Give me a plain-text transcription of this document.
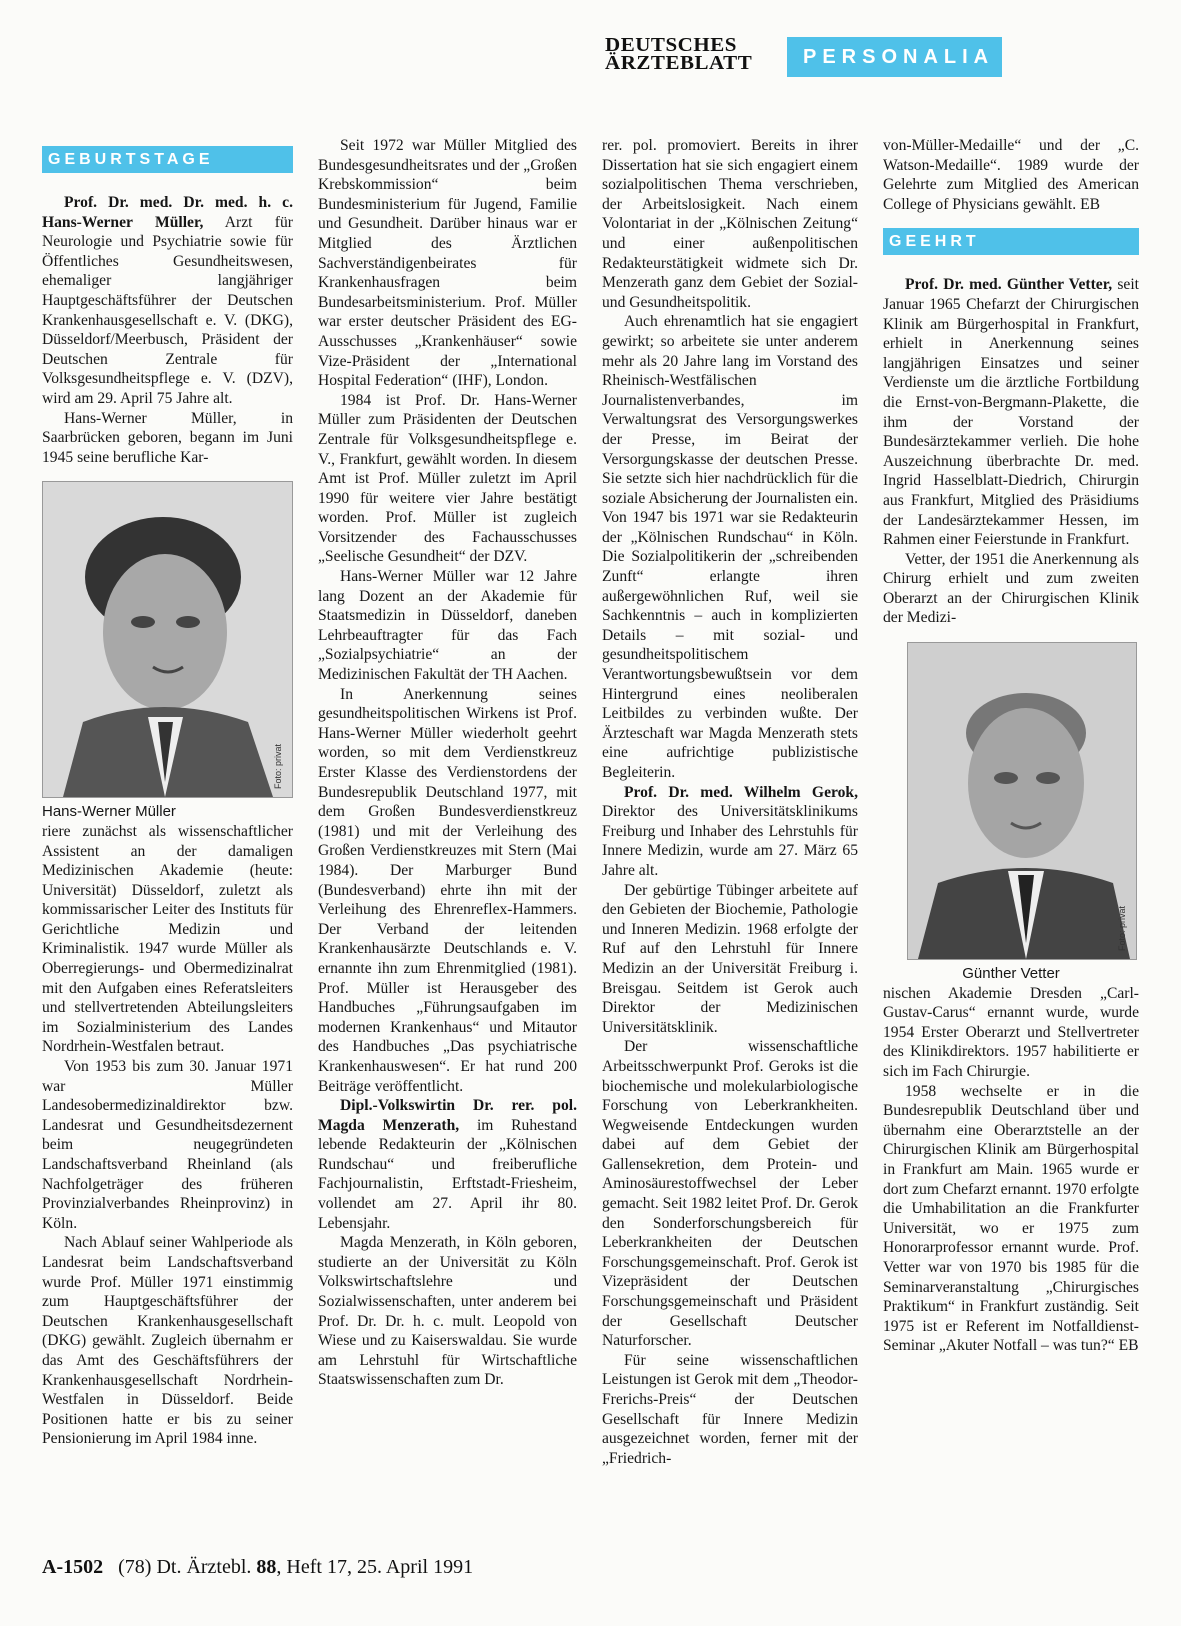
DEUTSCHES
ÄRZTEBLATT	PERSONALIA
GEBURTSTAGE

Prof. Dr. med. Dr. med. h. c. Hans-Werner Müller, Arzt für Neurologie und Psychiatrie sowie für Öffentliches Gesundheitswesen, ehemaliger langjähriger Hauptgeschäftsführer der Deutschen Krankenhausgesellschaft e. V. (DKG), Düsseldorf/Meerbusch, Präsident der Deutschen Zentrale für Volksgesundheitspflege e. V. (DZV), wird am 29. April 75 Jahre alt.

Hans-Werner Müller, in Saarbrücken geboren, begann im Juni 1945 seine berufliche Kar-

Foto: privat

Hans-Werner Müller

riere zunächst als wissenschaftlicher Assistent an der damaligen Medizinischen Akademie (heute: Universität) Düsseldorf, zuletzt als kommissarischer Leiter des Instituts für Gerichtliche Medizin und Kriminalistik. 1947 wurde Müller als Oberregierungs- und Obermedizinalrat mit den Aufgaben eines Referatsleiters und stellvertretenden Abteilungsleiters im Sozialministerium des Landes Nordrhein-Westfalen betraut.

Von 1953 bis zum 30. Januar 1971 war Müller Landesobermedizinaldirektor bzw. Landesrat und Gesundheitsdezernent beim neugegründeten Landschaftsverband Rheinland (als Nachfolgeträger des früheren Provinzialverbandes Rheinprovinz) in Köln.

Nach Ablauf seiner Wahlperiode als Landesrat beim Landschaftsverband wurde Prof. Müller 1971 einstimmig zum Hauptgeschäftsführer der Deutschen Krankenhausgesellschaft (DKG) gewählt. Zugleich übernahm er das Amt des Geschäftsführers der Krankenhausgesellschaft Nordrhein-Westfalen in Düsseldorf. Beide Positionen hatte er bis zu seiner Pensionierung im April 1984 inne.

Seit 1972 war Müller Mitglied des Bundesgesundheitsrates und der „Großen Krebskommission“ beim Bundesministerium für Jugend, Familie und Gesundheit. Darüber hinaus war er Mitglied des Ärztlichen Sachverständigenbeirates für Krankenhausfragen beim Bundesarbeitsministerium. Prof. Müller war erster deutscher Präsident des EG-Ausschusses „Krankenhäuser“ sowie Vize-Präsident der „International Hospital Federation“ (IHF), London.

1984 ist Prof. Dr. Hans-Werner Müller zum Präsidenten der Deutschen Zentrale für Volksgesundheitspflege e. V., Frankfurt, gewählt worden. In diesem Amt ist Prof. Müller zuletzt im April 1990 für weitere vier Jahre bestätigt worden. Prof. Müller ist zugleich Vorsitzender des Fachausschusses „Seelische Gesundheit“ der DZV.

Hans-Werner Müller war 12 Jahre lang Dozent an der Akademie für Staatsmedizin in Düsseldorf, daneben Lehrbeauftragter für das Fach „Sozialpsychiatrie“ an der Medizinischen Fakultät der TH Aachen.

In Anerkennung seines gesundheitspolitischen Wirkens ist Prof. Hans-Werner Müller wiederholt geehrt worden, so mit dem Verdienstkreuz Erster Klasse des Verdienstordens der Bundesrepublik Deutschland 1977, mit dem Großen Bundesverdienstkreuz (1981) und mit der Verleihung des Großen Verdienstkreuzes mit Stern (Mai 1984). Der Marburger Bund (Bundesverband) ehrte ihn mit der Verleihung des Ehrenreflex-Hammers. Der Verband der leitenden Krankenhausärzte Deutschlands e. V. ernannte ihn zum Ehrenmitglied (1981). Prof. Müller ist Herausgeber des Handbuches „Führungsaufgaben im modernen Krankenhaus“ und Mitautor des Handbuches „Das psychiatrische Krankenhauswesen“. Er hat rund 200 Beiträge veröffentlicht.

Dipl.-Volkswirtin Dr. rer. pol. Magda Menzerath, im Ruhestand lebende Redakteurin der „Kölnischen Rundschau“ und freiberufliche Fachjournalistin, Erftstadt-Friesheim, vollendet am 27. April ihr 80. Lebensjahr.

Magda Menzerath, in Köln geboren, studierte an der Universität zu Köln Volkswirtschaftslehre und Sozialwissenschaften, unter anderem bei Prof. Dr. Dr. h. c. mult. Leopold von Wiese und zu Kaiserswaldau. Sie wurde am Lehrstuhl für Wirtschaftliche Staatswissenschaften zum Dr.

rer. pol. promoviert. Bereits in ihrer Dissertation hat sie sich engagiert einem sozialpolitischen Thema verschrieben, der Arbeitslosigkeit. Nach einem Volontariat in der „Kölnischen Zeitung“ und einer außenpolitischen Redakteurstätigkeit widmete sich Dr. Menzerath ganz dem Gebiet der Sozial- und Gesundheitspolitik.

Auch ehrenamtlich hat sie engagiert gewirkt; so arbeitete sie unter anderem mehr als 20 Jahre lang im Vorstand des Rheinisch-Westfälischen Journalistenverbandes, im Verwaltungsrat des Versorgungswerkes der Presse, im Beirat der Versorgungskasse der deutschen Presse. Sie setzte sich hier nachdrücklich für die soziale Absicherung der Journalisten ein. Von 1947 bis 1971 war sie Redakteurin der „Kölnischen Rundschau“ in Köln. Die Sozialpolitikerin der „schreibenden Zunft“ erlangte ihren außergewöhnlichen Ruf, weil sie Sachkenntnis – auch in komplizierten Details – mit sozial- und gesundheitspolitischem Verantwortungsbewußtsein vor dem Hintergrund eines neoliberalen Leitbildes zu verbinden wußte. Der Ärzteschaft war Magda Menzerath stets eine aufrichtige publizistische Begleiterin.

Prof. Dr. med. Wilhelm Gerok, Direktor des Universitätsklinikums Freiburg und Inhaber des Lehrstuhls für Innere Medizin, wurde am 27. März 65 Jahre alt.

Der gebürtige Tübinger arbeitete auf den Gebieten der Biochemie, Pathologie und Inneren Medizin. 1968 erfolgte der Ruf auf den Lehrstuhl für Innere Medizin an der Universität Freiburg i. Breisgau. Seitdem ist Gerok auch Direktor der Medizinischen Universitätsklinik.

Der wissenschaftliche Arbeitsschwerpunkt Prof. Geroks ist die biochemische und molekularbiologische Forschung von Leberkrankheiten. Wegweisende Entdeckungen wurden dabei auf dem Gebiet der Gallensekretion, dem Protein- und Aminosäurestoffwechsel der Leber gemacht. Seit 1982 leitet Prof. Dr. Gerok den Sonderforschungsbereich für Leberkrankheiten der Deutschen Forschungsgemeinschaft. Prof. Gerok ist Vizepräsident der Deutschen Forschungsgemeinschaft und Präsident der Gesellschaft Deutscher Naturforscher.

Für seine wissenschaftlichen Leistungen ist Gerok mit dem „Theodor-Frerichs-Preis“ der Deutschen Gesellschaft für Innere Medizin ausgezeichnet worden, ferner mit der „Friedrich-

von-Müller-Medaille“ und der „C. Watson-Medaille“. 1989 wurde der Gelehrte zum Mitglied des American College of Physicians gewählt. EB

GEEHRT

Prof. Dr. med. Günther Vetter, seit Januar 1965 Chefarzt der Chirurgischen Klinik am Bürgerhospital in Frankfurt, erhielt in Anerkennung seines langjährigen Einsatzes und seiner Verdienste um die ärztliche Fortbildung die Ernst-von-Bergmann-Plakette, die ihm der Vorstand der Bundesärztekammer verlieh. Die hohe Auszeichnung überbrachte Dr. med. Ingrid Hasselblatt-Diedrich, Chirurgin aus Frankfurt, Mitglied des Präsidiums der Landesärztekammer Hessen, im Rahmen einer Feierstunde in Frankfurt.

Vetter, der 1951 die Anerkennung als Chirurg erhielt und zum zweiten Oberarzt an der Chirurgischen Klinik der Medizi-

Foto: privat

Günther Vetter

nischen Akademie Dresden „Carl-Gustav-Carus“ ernannt wurde, wurde 1954 Erster Oberarzt und Stellvertreter des Klinikdirektors. 1957 habilitierte er sich im Fach Chirurgie.

1958 wechselte er in die Bundesrepublik Deutschland über und übernahm eine Oberarztstelle an der Chirurgischen Klinik am Bürgerhospital in Frankfurt am Main. 1965 wurde er dort zum Chefarzt ernannt. 1970 erfolgte die Umhabilitation an die Frankfurter Universität, wo er 1975 zum Honorarprofessor ernannt wurde. Prof. Vetter war von 1970 bis 1985 für die Seminarveranstaltung „Chirurgisches Praktikum“ in Frankfurt zuständig. Seit 1975 ist er Referent im Notfalldienst-Seminar „Akuter Notfall – was tun?“ EB

A-1502 (78) Dt. Ärztebl. 88, Heft 17, 25. April 1991
